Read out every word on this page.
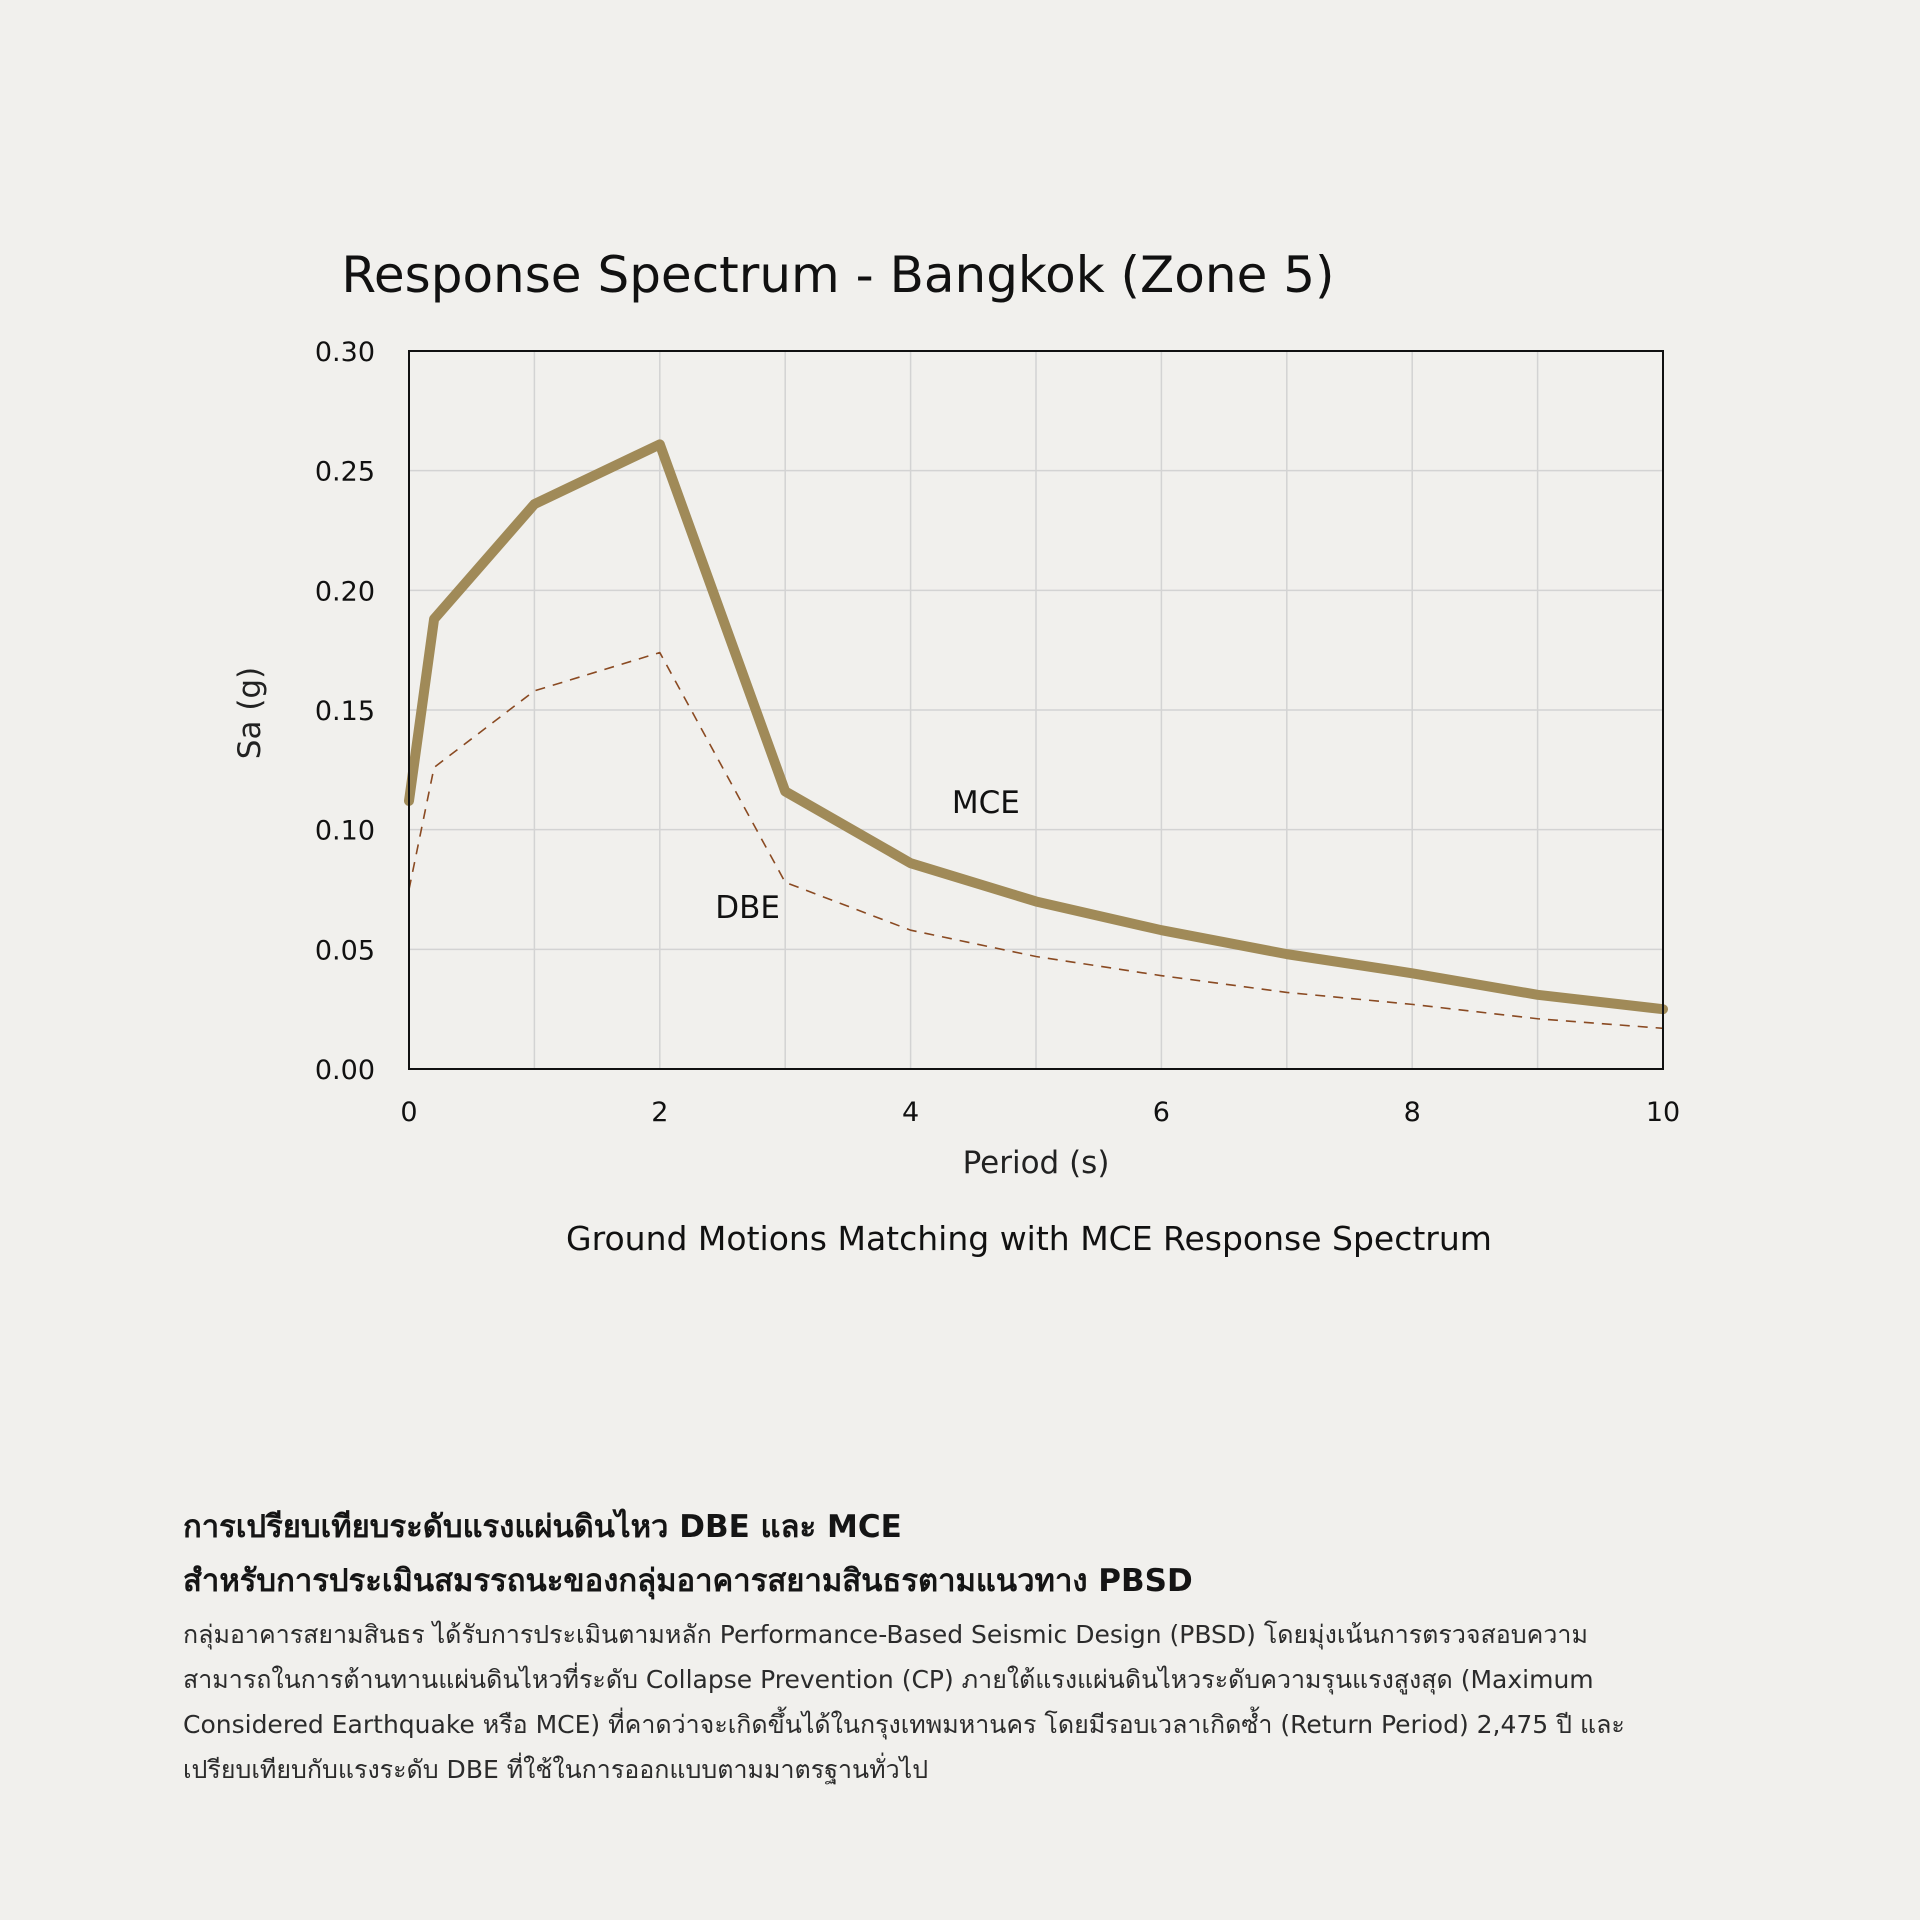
Response Spectrum - Bangkok (Zone 5)
0	2	4	6	8	10
0.00
0.05
0.10
0.15
0.20
0.25
0.30
Period (s)
Sa (g)
MCE
DBE
Ground Motions Matching with MCE Response Spectrum
การเปรียบเทียบระดับแรงแผ่นดินไหว DBE และ MCE
สำหรับการประเมินสมรรถนะของกลุ่มอาคารสยามสินธรตามแนวทาง PBSD
กลุ่มอาคารสยามสินธร ได้รับการประเมินตามหลัก Performance-Based Seismic Design (PBSD) โดยมุ่งเน้นการตรวจสอบความ
สามารถในการต้านทานแผ่นดินไหวที่ระดับ Collapse Prevention (CP) ภายใต้แรงแผ่นดินไหวระดับความรุนแรงสูงสุด (Maximum
Considered Earthquake หรือ MCE) ที่คาดว่าจะเกิดขึ้นได้ในกรุงเทพมหานคร โดยมีรอบเวลาเกิดซ้ำ (Return Period) 2,475 ปี และ
เปรียบเทียบกับแรงระดับ DBE ที่ใช้ในการออกแบบตามมาตรฐานทั่วไป
